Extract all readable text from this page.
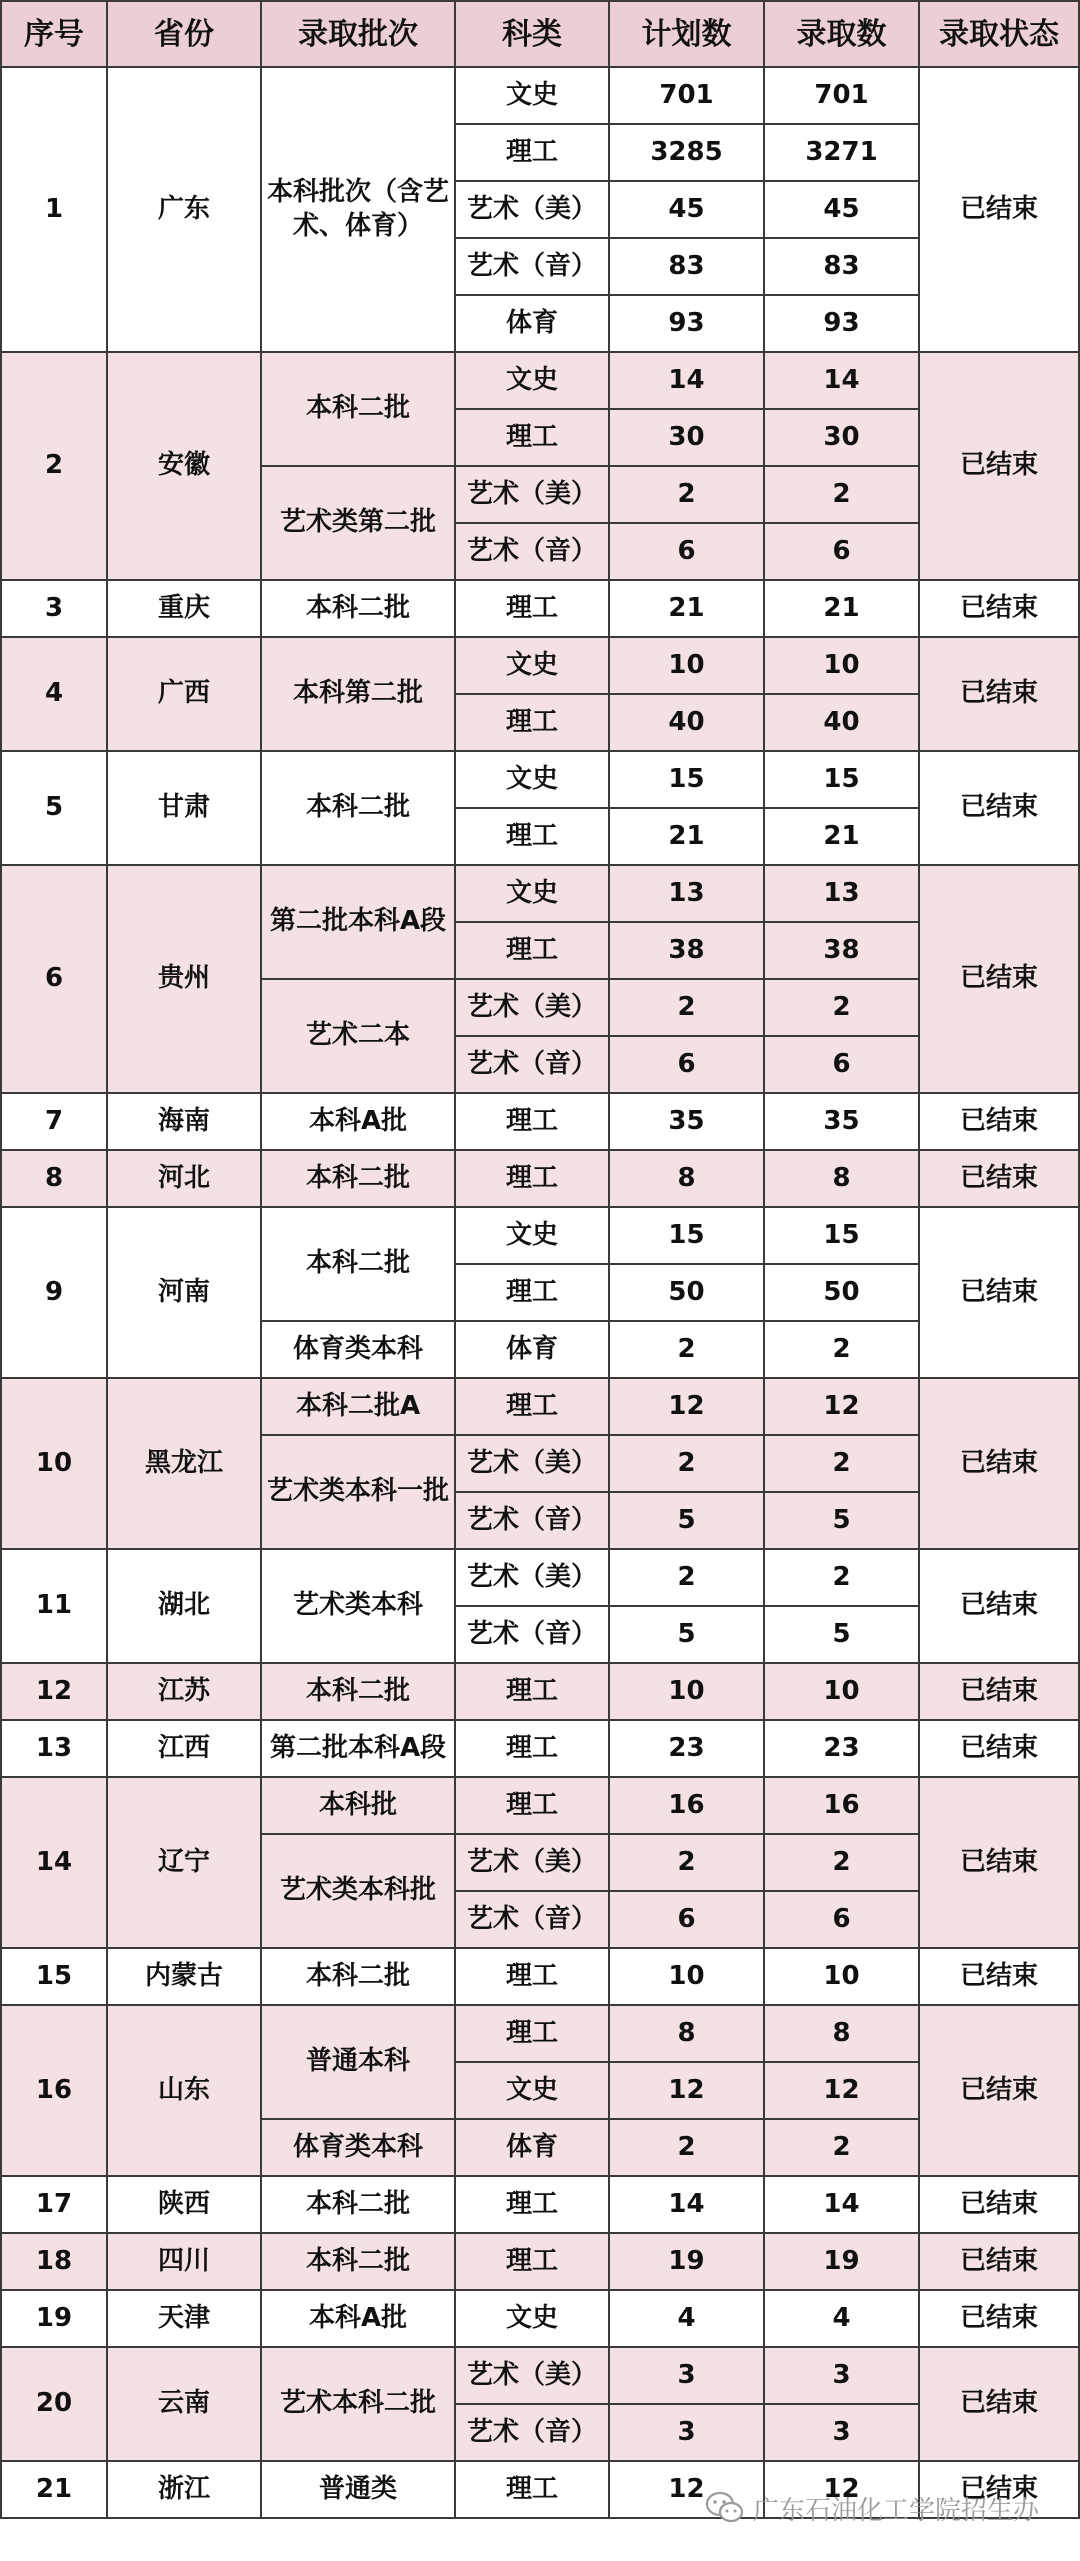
序号	省份	录取批次	科类	计划数	录取数	录取状态
1	广东	本科批次（含艺术、体育）	文史	701	701	已结束
			理工	3285	3271	
			艺术（美）	45	45	
			艺术（音）	83	83	
			体育	93	93	
2	安徽	本科二批	文史	14	14	已结束
			理工	30	30	
		艺术类第二批	艺术（美）	2	2	
			艺术（音）	6	6	
3	重庆	本科二批	理工	21	21	已结束
4	广西	本科第二批	文史	10	10	已结束
			理工	40	40	
5	甘肃	本科二批	文史	15	15	已结束
			理工	21	21	
6	贵州	第二批本科A段	文史	13	13	已结束
			理工	38	38	
		艺术二本	艺术（美）	2	2	
			艺术（音）	6	6	
7	海南	本科A批	理工	35	35	已结束
8	河北	本科二批	理工	8	8	已结束
9	河南	本科二批	文史	15	15	已结束
			理工	50	50	
		体育类本科	体育	2	2	
10	黑龙江	本科二批A	理工	12	12	已结束
		艺术类本科一批	艺术（美）	2	2	
			艺术（音）	5	5	
11	湖北	艺术类本科	艺术（美）	2	2	已结束
			艺术（音）	5	5	
12	江苏	本科二批	理工	10	10	已结束
13	江西	第二批本科A段	理工	23	23	已结束
14	辽宁	本科批	理工	16	16	已结束
		艺术类本科批	艺术（美）	2	2	
			艺术（音）	6	6	
15	内蒙古	本科二批	理工	10	10	已结束
16	山东	普通本科	理工	8	8	已结束
			文史	12	12	
		体育类本科	体育	2	2	
17	陕西	本科二批	理工	14	14	已结束
18	四川	本科二批	理工	19	19	已结束
19	天津	本科A批	文史	4	4	已结束
20	云南	艺术本科二批	艺术（美）	3	3	已结束
			艺术（音）	3	3	
21	浙江	普通类	理工	12	12	已结束
广东石油化工学院招生办
